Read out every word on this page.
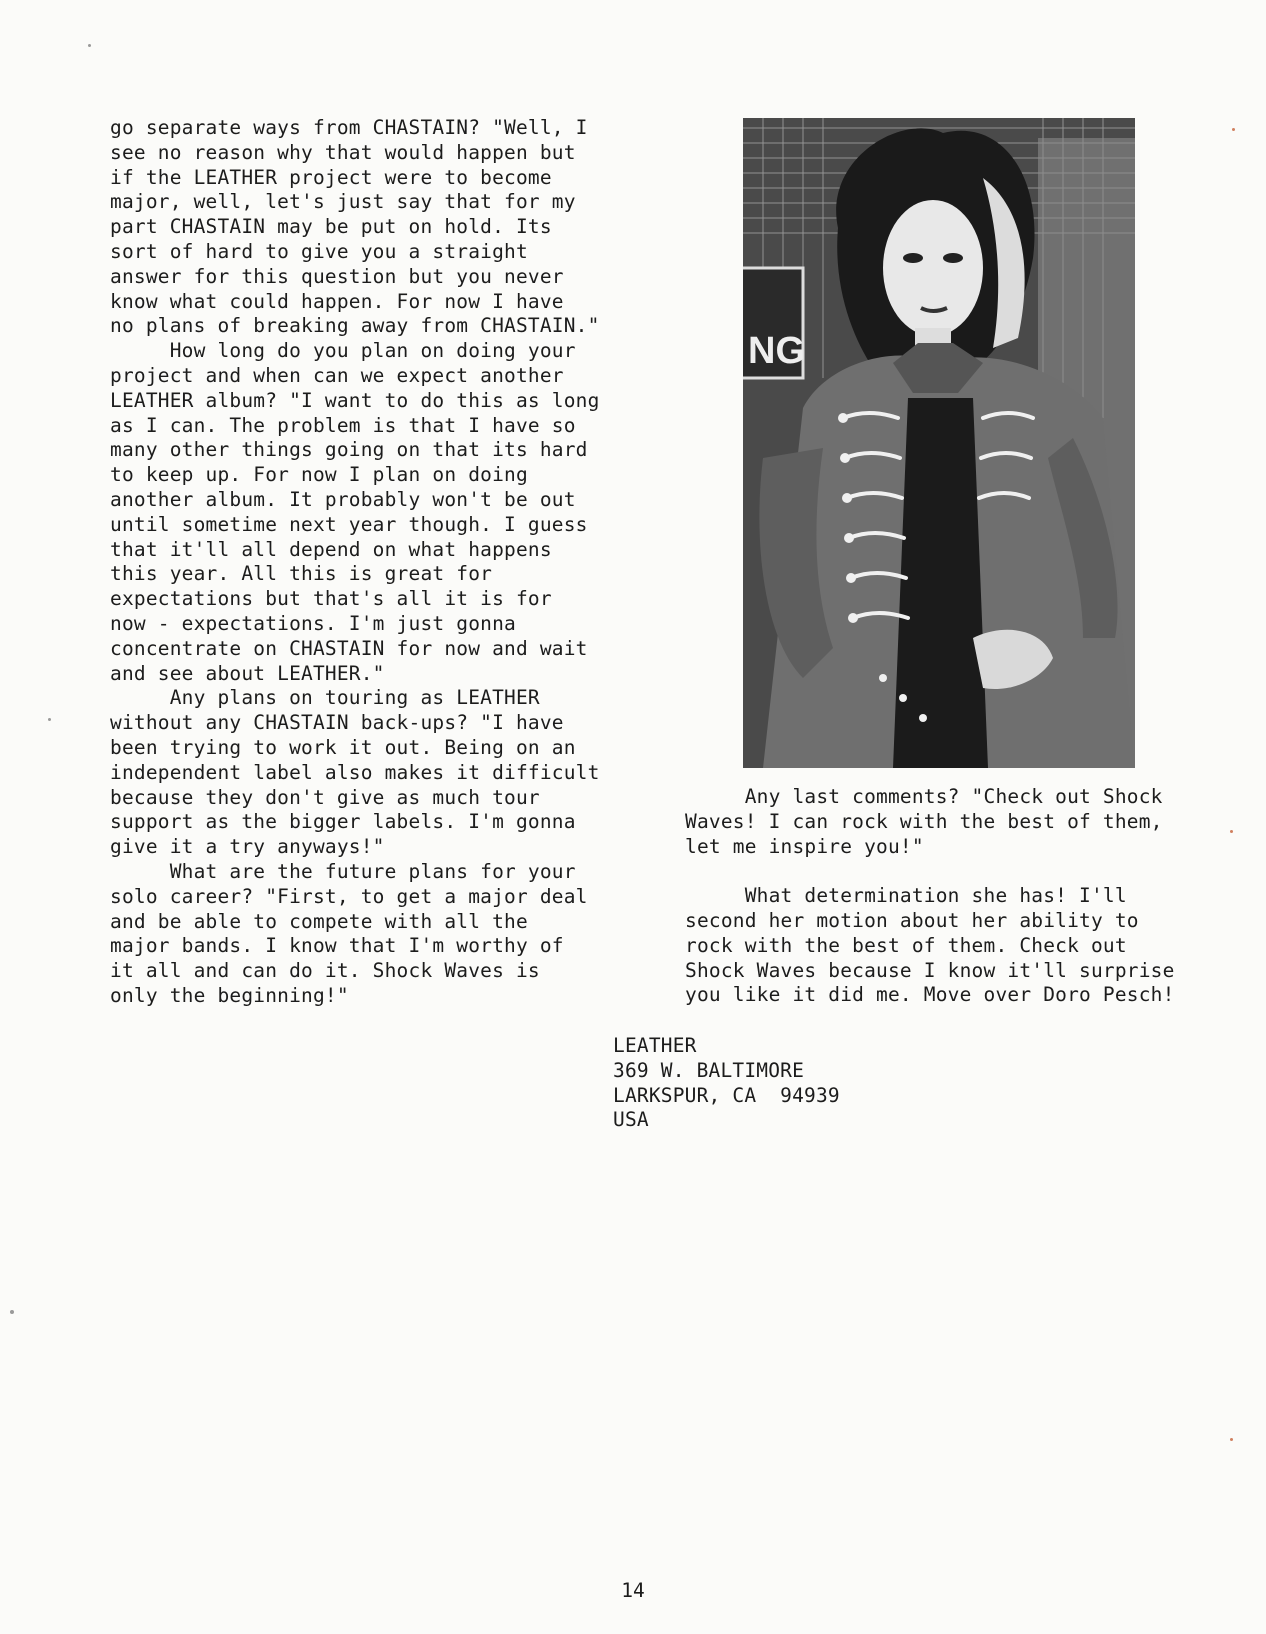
go separate ways from CHASTAIN? "Well, I
see no reason why that would happen but
if the LEATHER project were to become
major, well, let's just say that for my
part CHASTAIN may be put on hold. Its
sort of hard to give you a straight
answer for this question but you never
know what could happen. For now I have
no plans of breaking away from CHASTAIN."
How long do you plan on doing your
project and when can we expect another
LEATHER album? "I want to do this as long
as I can. The problem is that I have so
many other things going on that its hard
to keep up. For now I plan on doing
another album. It probably won't be out
until sometime next year though. I guess
that it'll all depend on what happens
this year. All this is great for
expectations but that's all it is for
now - expectations. I'm just gonna
concentrate on CHASTAIN for now and wait
and see about LEATHER."
Any plans on touring as LEATHER
without any CHASTAIN back-ups? "I have
been trying to work it out. Being on an
independent label also makes it difficult
because they don't give as much tour
support as the bigger labels. I'm gonna
give it a try anyways!"
What are the future plans for your
solo career? "First, to get a major deal
and be able to compete with all the
major bands. I know that I'm worthy of
it all and can do it. Shock Waves is
only the beginning!"
NG
Any last comments? "Check out Shock
Waves! I can rock with the best of them,
let me inspire you!"
What determination she has! I'll
second her motion about her ability to
rock with the best of them. Check out
Shock Waves because I know it'll surprise
you like it did me. Move over Doro Pesch!
LEATHER
369 W. BALTIMORE
LARKSPUR, CA  94939
USA
14
